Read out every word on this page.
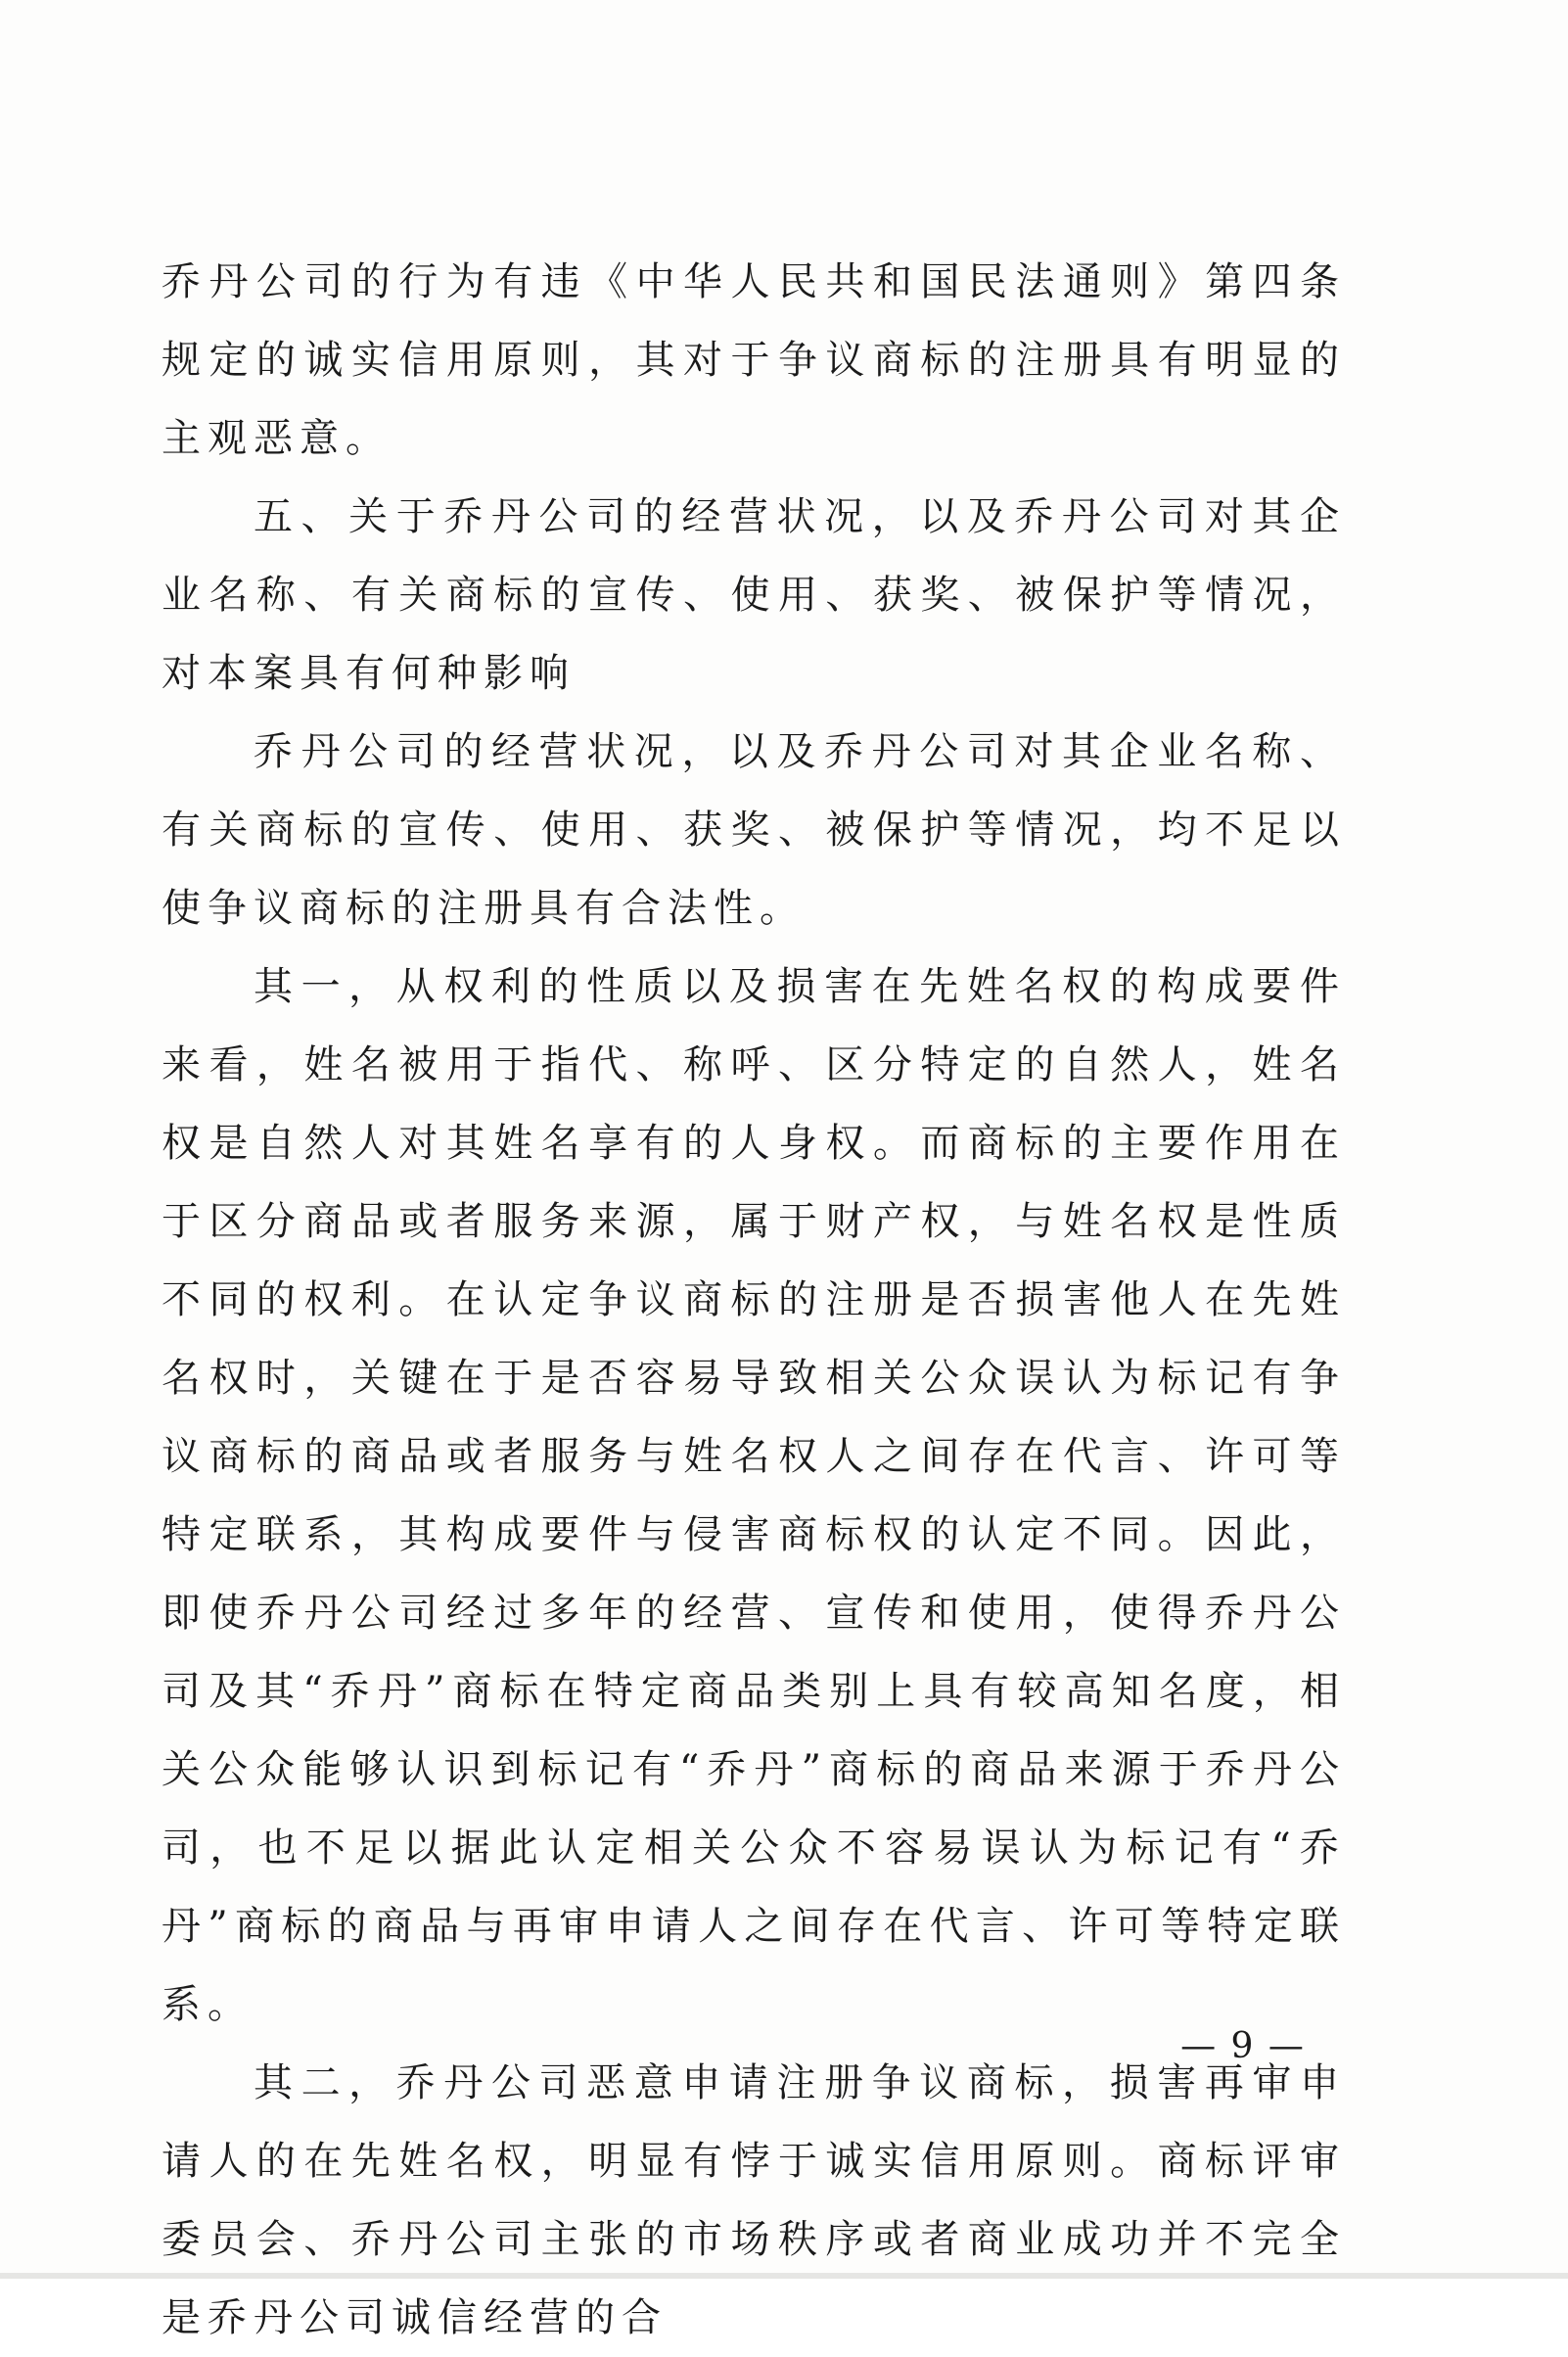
乔丹公司的行为有违《中华人民共和国民法通则》第四条规定的诚实信用原则，其对于争议商标的注册具有明显的主观恶意。

五、关于乔丹公司的经营状况，以及乔丹公司对其企业名称、有关商标的宣传、使用、获奖、被保护等情况，对本案具有何种影响

乔丹公司的经营状况，以及乔丹公司对其企业名称、有关商标的宣传、使用、获奖、被保护等情况，均不足以使争议商标的注册具有合法性。

其一，从权利的性质以及损害在先姓名权的构成要件来看，姓名被用于指代、称呼、区分特定的自然人，姓名权是自然人对其姓名享有的人身权。而商标的主要作用在于区分商品或者服务来源，属于财产权，与姓名权是性质不同的权利。在认定争议商标的注册是否损害他人在先姓名权时，关键在于是否容易导致相关公众误认为标记有争议商标的商品或者服务与姓名权人之间存在代言、许可等特定联系，其构成要件与侵害商标权的认定不同。因此，即使乔丹公司经过多年的经营、宣传和使用，使得乔丹公司及其“乔丹”商标在特定商品类别上具有较高知名度，相关公众能够认识到标记有“乔丹”商标的商品来源于乔丹公司，也不足以据此认定相关公众不容易误认为标记有“乔丹”商标的商品与再审申请人之间存在代言、许可等特定联系。

其二，乔丹公司恶意申请注册争议商标，损害再审申请人的在先姓名权，明显有悖于诚实信用原则。商标评审委员会、乔丹公司主张的市场秩序或者商业成功并不完全是乔丹公司诚信经营的合

— 9 —
